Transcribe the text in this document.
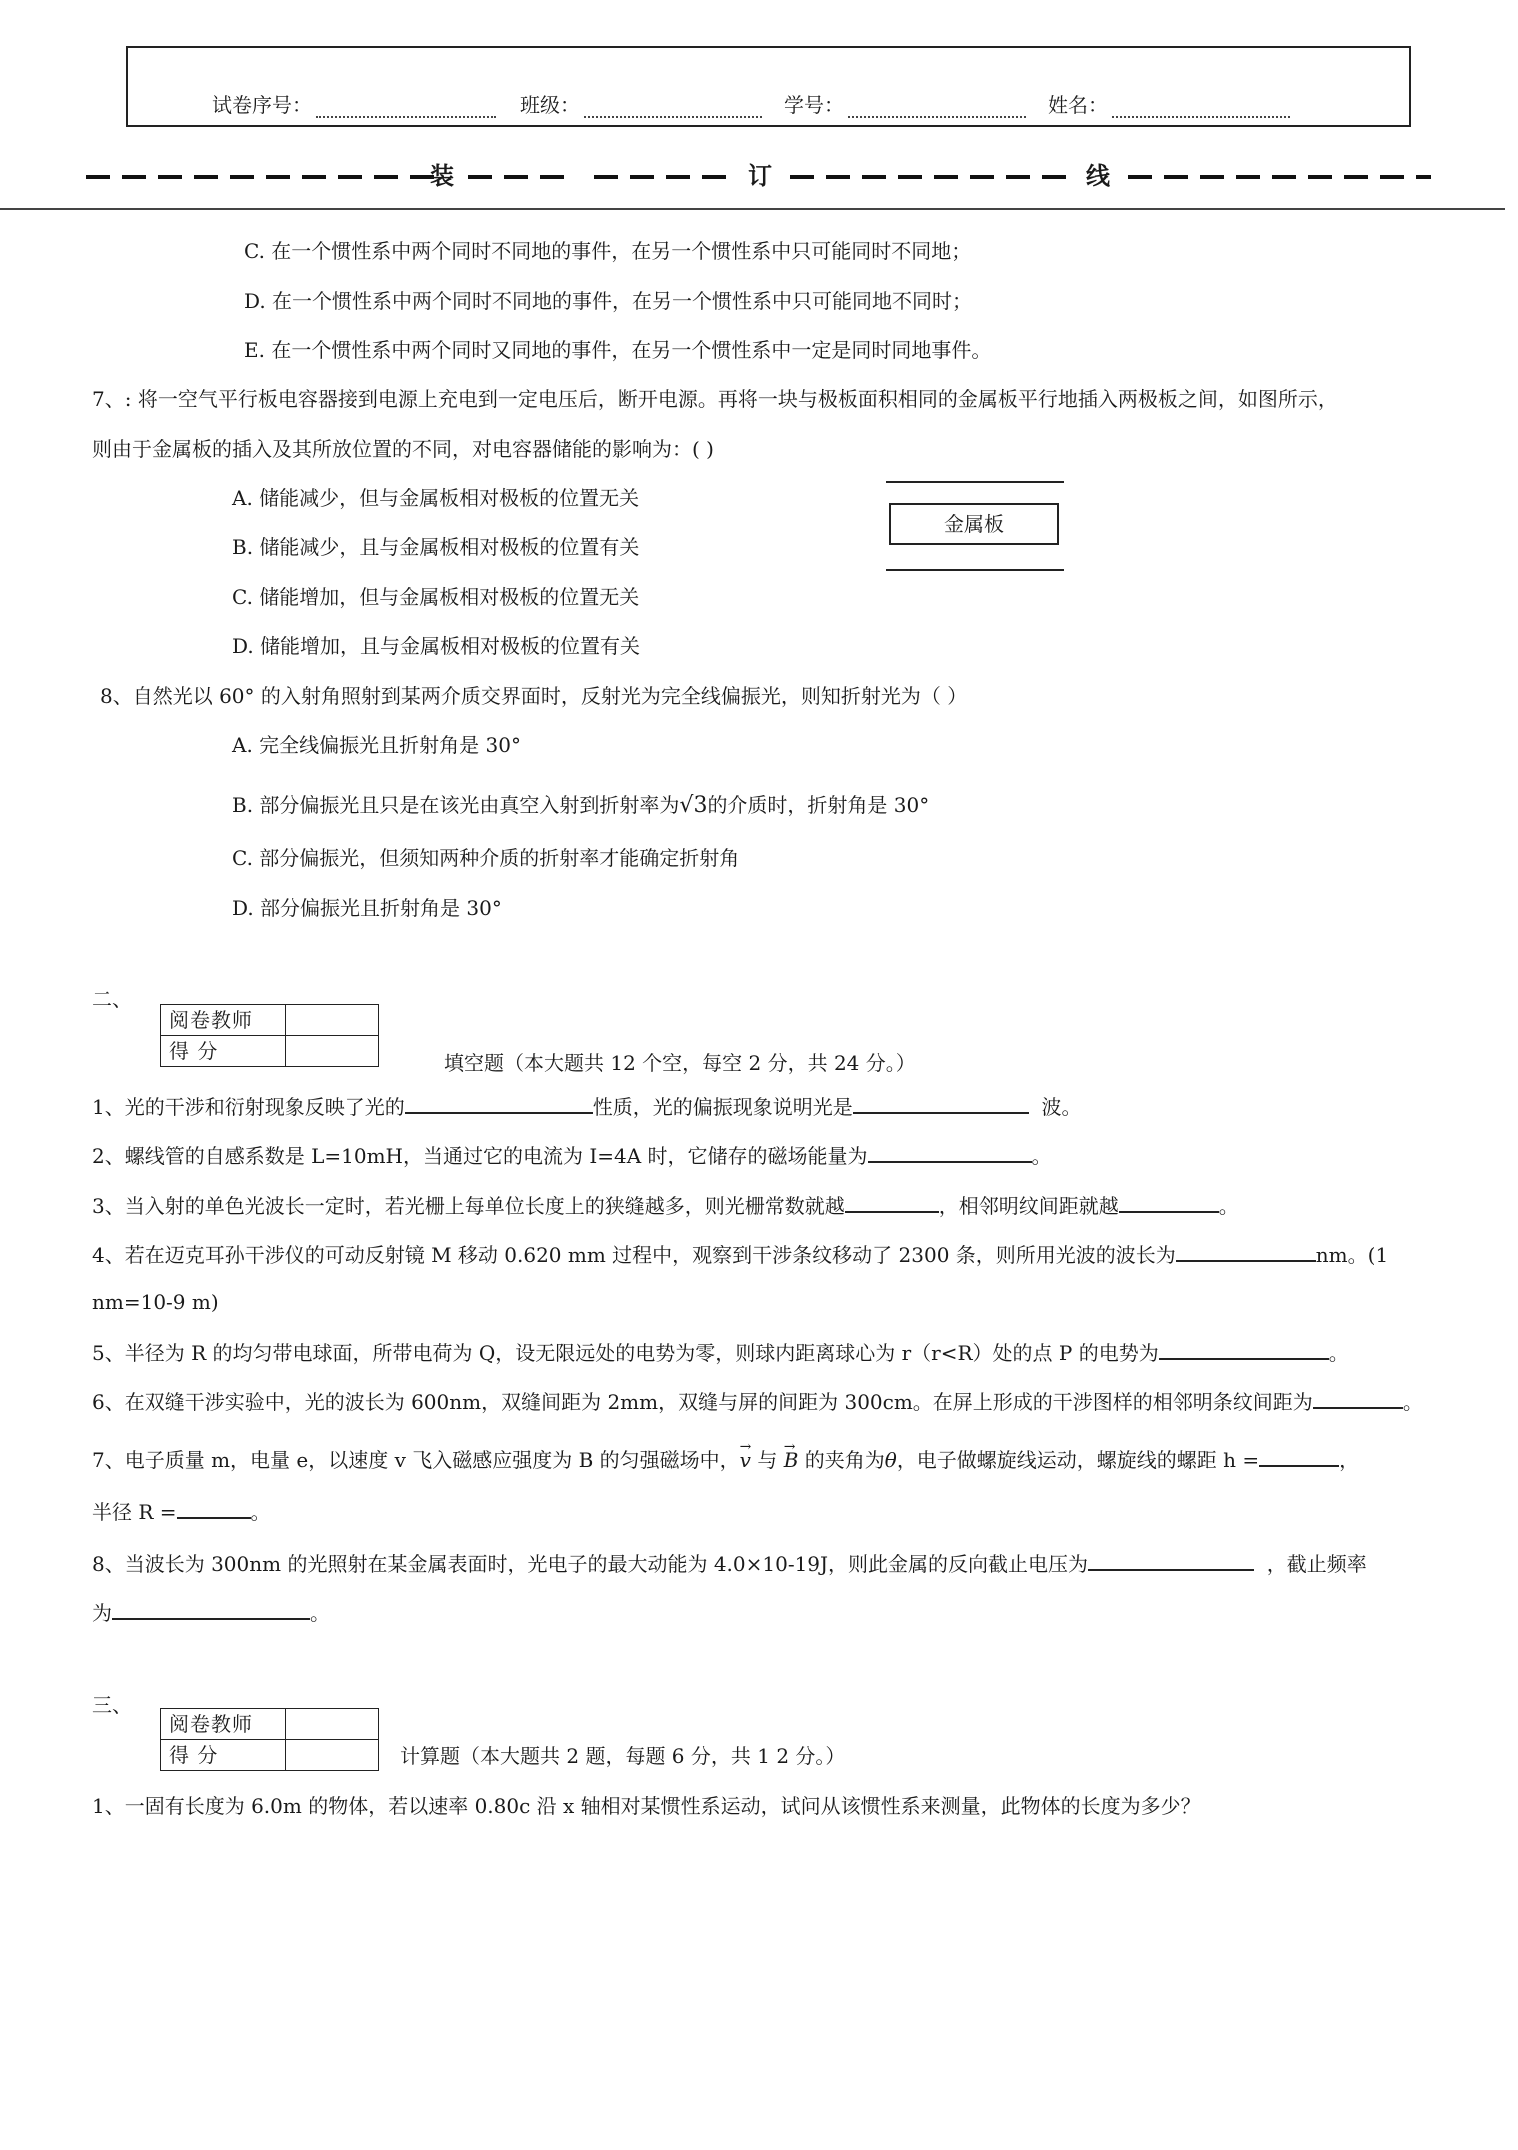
试卷序号：	班级：	学号：	姓名：
装	订	线
C. 在一个惯性系中两个同时不同地的事件，在另一个惯性系中只可能同时不同地；
D. 在一个惯性系中两个同时不同地的事件，在另一个惯性系中只可能同地不同时；
E. 在一个惯性系中两个同时又同地的事件，在另一个惯性系中一定是同时同地事件。
7、: 将一空气平行板电容器接到电源上充电到一定电压后，断开电源。再将一块与极板面积相同的金属板平行地插入两极板之间，如图所示，
则由于金属板的插入及其所放位置的不同，对电容器储能的影响为：( )
A. 储能减少，但与金属板相对极板的位置无关
B. 储能减少，且与金属板相对极板的位置有关
C. 储能增加，但与金属板相对极板的位置无关
D. 储能增加，且与金属板相对极板的位置有关
金属板
8、自然光以 60° 的入射角照射到某两介质交界面时，反射光为完全线偏振光，则知折射光为（ ）
A. 完全线偏振光且折射角是 30°
B. 部分偏振光且只是在该光由真空入射到折射率为√3的介质时，折射角是 30°
C. 部分偏振光，但须知两种介质的折射率才能确定折射角
D. 部分偏振光且折射角是 30°
二、
阅卷教师	
得 分		填空题（本大题共 12 个空，每空 2 分，共 24 分。）
1、光的干涉和衍射现象反映了光的	性质，光的偏振现象说明光是	波。
2、螺线管的自感系数是 L=10mH，当通过它的电流为 I=4A 时，它储存的磁场能量为	。
3、当入射的单色光波长一定时，若光栅上每单位长度上的狭缝越多，则光栅常数就越	，相邻明纹间距就越	。
4、若在迈克耳孙干涉仪的可动反射镜 M 移动 0.620 mm 过程中，观察到干涉条纹移动了 2300 条，则所用光波的波长为	nm。(1
nm=10-9 m)
5、半径为 R 的均匀带电球面，所带电荷为 Q，设无限远处的电势为零，则球内距离球心为 r（r<R）处的点 P 的电势为	。
6、在双缝干涉实验中，光的波长为 600nm，双缝间距为 2mm，双缝与屏的间距为 300cm。在屏上形成的干涉图样的相邻明条纹间距为	。
7、电子质量 m，电量 e，以速度 v 飞入磁感应强度为 B 的匀强磁场中，→ v 与 → B 的夹角为θ，电子做螺旋线运动，螺旋线的螺距 h =	，
半径 R =	。
8、当波长为 300nm 的光照射在某金属表面时，光电子的最大动能为 4.0×10-19J，则此金属的反向截止电压为	，截止频率
为	。
三、
阅卷教师	
得 分		计算题（本大题共 2 题，每题 6 分，共 1 2 分。）
1、一固有长度为 6.0m 的物体，若以速率 0.80c 沿 x 轴相对某惯性系运动，试问从该惯性系来测量，此物体的长度为多少？
